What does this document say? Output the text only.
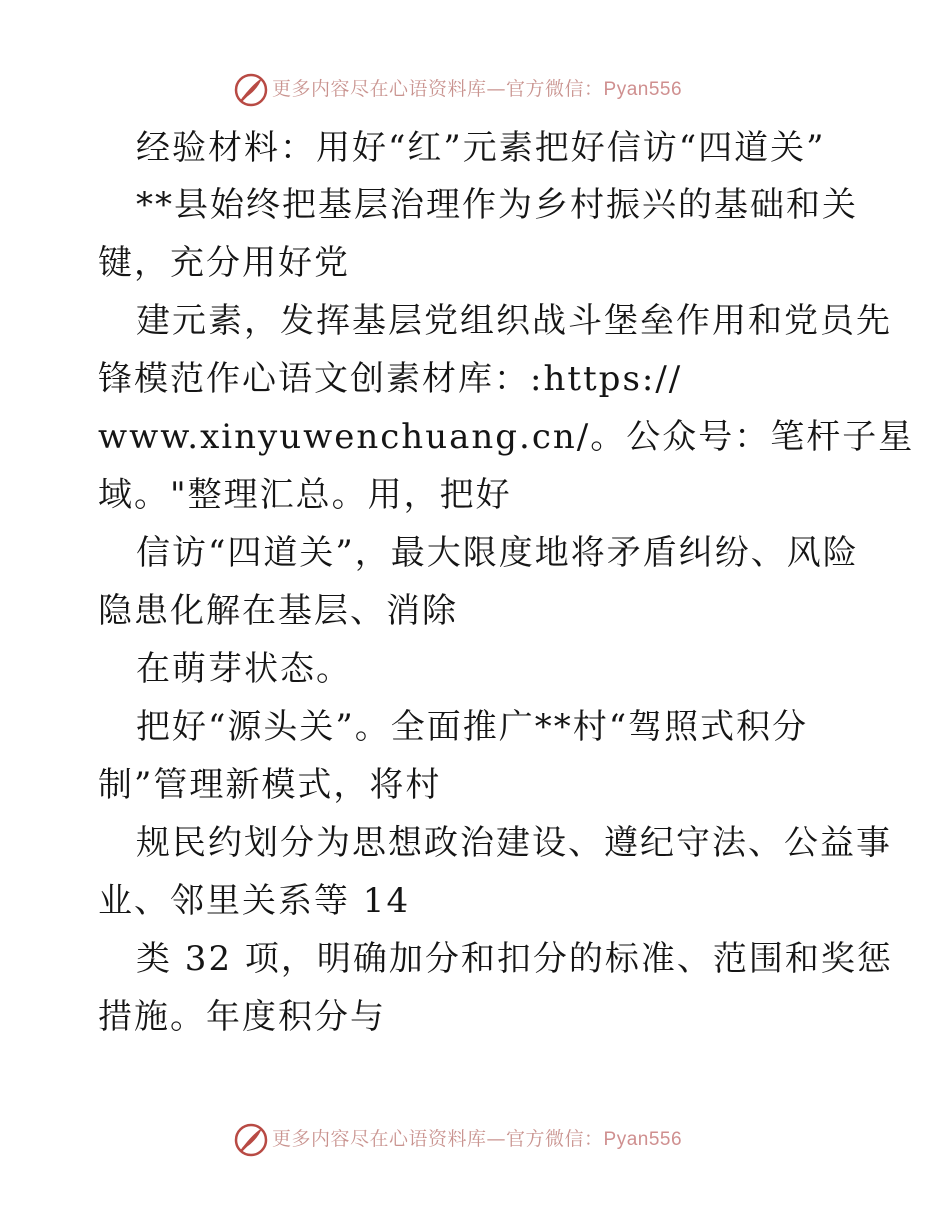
更多内容尽在心语资料库—官方微信：Pyan556
经验材料：用好“红”元素把好信访“四道关”
**县始终把基层治理作为乡村振兴的基础和关
键，充分用好党
建元素，发挥基层党组织战斗堡垒作用和党员先
锋模范作心语文创素材库：:https://
www.xinyuwenchuang.cn/。公众号：笔杆子星
域。"整理汇总。用，把好
信访“四道关”，最大限度地将矛盾纠纷、风险
隐患化解在基层、消除
在萌芽状态。
把好“源头关”。全面推广**村“驾照式积分
制”管理新模式，将村
规民约划分为思想政治建设、遵纪守法、公益事
业、邻里关系等 14
类 32 项，明确加分和扣分的标准、范围和奖惩
措施。年度积分与
更多内容尽在心语资料库—官方微信：Pyan556
